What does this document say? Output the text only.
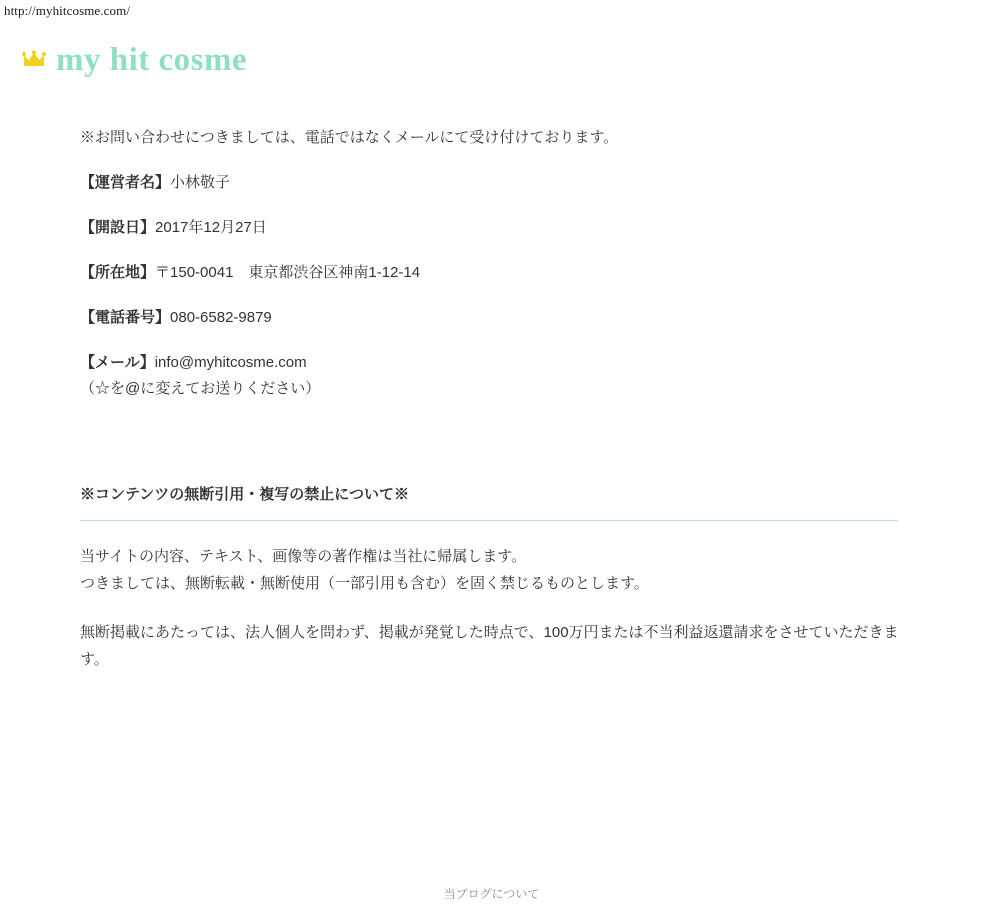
http://myhitcosme.com/
my hit cosme

※お問い合わせにつきましては、電話ではなくメールにて受け付けております。

【運営者名】小林敬子

【開設日】2017年12月27日

【所在地】〒150-0041　東京都渋谷区神南1-12-14

【電話番号】080-6582-9879

【メール】info@myhitcosme.com
（☆を@に変えてお送りください）

※コンテンツの無断引用・複写の禁止について※
当サイトの内容、テキスト、画像等の著作権は当社に帰属します。
つきましては、無断転載・無断使用（一部引用も含む）を固く禁じるものとします。
無断掲載にあたっては、法人個人を問わず、掲載が発覚した時点で、100万円または不当利益返還請求をさせていただきます。
当ブログについて
